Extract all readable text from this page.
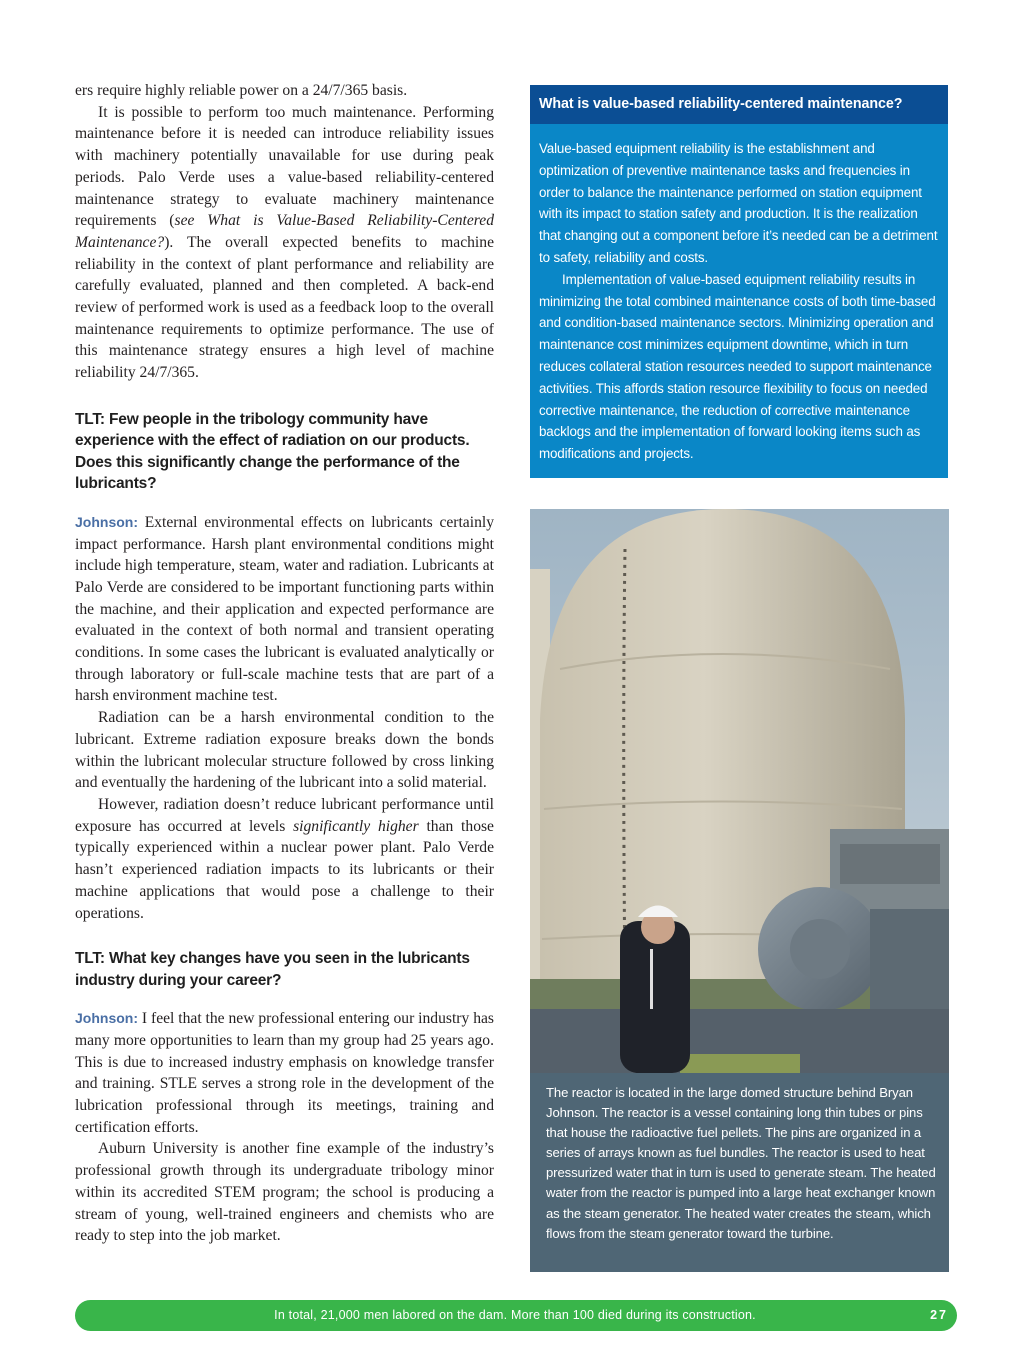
ers require highly reliable power on a 24/7/365 basis.

It is possible to perform too much maintenance. Performing maintenance before it is needed can introduce reliability issues with machinery potentially unavailable for use during peak periods. Palo Verde uses a value-based reliability-centered maintenance strategy to evaluate machinery maintenance requirements (see What is Value-Based Reliability-Centered Maintenance?). The overall expected benefits to machine reliability in the context of plant performance and reliability are carefully evaluated, planned and then completed. A back-end review of performed work is used as a feedback loop to the overall maintenance requirements to optimize performance. The use of this maintenance strategy ensures a high level of machine reliability 24/7/365.

TLT: Few people in the tribology community have experience with the effect of radiation on our products. Does this significantly change the performance of the lubricants?

Johnson: External environmental effects on lubricants certainly impact performance. Harsh plant environmental conditions might include high temperature, steam, water and radiation. Lubricants at Palo Verde are considered to be important functioning parts within the machine, and their application and expected performance are evaluated in the context of both normal and transient operating conditions. In some cases the lubricant is evaluated analytically or through laboratory or full-scale machine tests that are part of a harsh environment machine test.

Radiation can be a harsh environmental condition to the lubricant. Extreme radiation exposure breaks down the bonds within the lubricant molecular structure followed by cross linking and eventually the hardening of the lubricant into a solid material.

However, radiation doesn’t reduce lubricant performance until exposure has occurred at levels significantly higher than those typically experienced within a nuclear power plant. Palo Verde hasn’t experienced radiation impacts to its lubricants or their machine applications that would pose a challenge to their operations.

TLT: What key changes have you seen in the lubricants industry during your career?

Johnson: I feel that the new professional entering our industry has many more opportunities to learn than my group had 25 years ago. This is due to increased industry emphasis on knowledge transfer and training. STLE serves a strong role in the development of the lubrication professional through its meetings, training and certification efforts.

Auburn University is another fine example of the industry’s professional growth through its undergraduate tribology minor within its accredited STEM program; the school is producing a stream of young, well-trained engineers and chemists who are ready to step into the job market.

What is value-based reliability-centered maintenance?

Value-based equipment reliability is the establishment and optimization of preventive maintenance tasks and frequencies in order to balance the maintenance performed on station equipment with its impact to station safety and production. It is the realization that changing out a component before it’s needed can be a detriment to safety, reliability and costs.

Implementation of value-based equipment reliability results in minimizing the total combined maintenance costs of both time-based and condition-based maintenance sectors. Minimizing operation and maintenance cost minimizes equipment downtime, which in turn reduces collateral station resources needed to support maintenance activities. This affords station resource flexibility to focus on needed corrective maintenance, the reduction of corrective maintenance backlogs and the implementation of forward looking items such as modifications and projects.

The reactor is located in the large domed structure behind Bryan Johnson. The reactor is a vessel containing long thin tubes or pins that house the radioactive fuel pellets. The pins are organized in a series of arrays known as fuel bundles. The reactor is used to heat pressurized water that in turn is used to generate steam. The heated water from the reactor is pumped into a large heat exchanger known as the steam generator. The heated water creates the steam, which flows from the steam generator toward the turbine.
In total, 21,000 men labored on the dam. More than 100 died during its construction.	27
